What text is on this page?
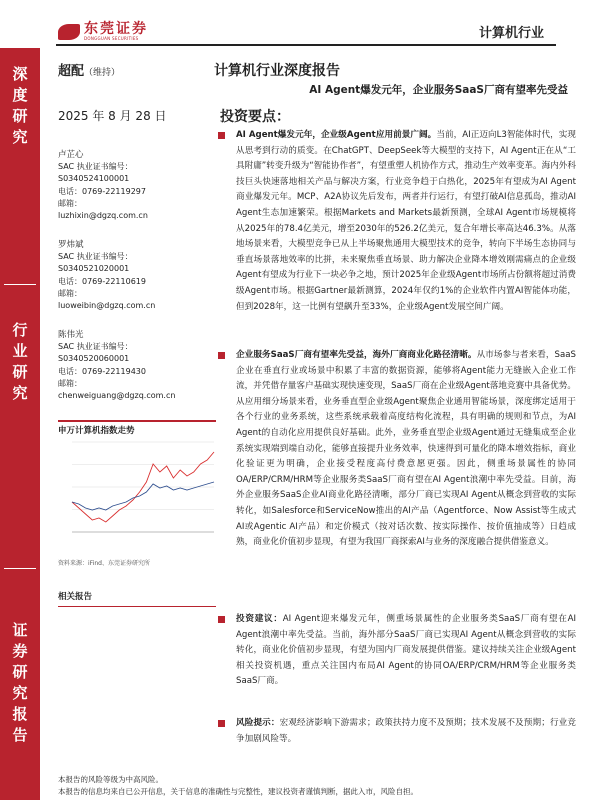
东莞证券
DONGGUAN SECURITIES	计算机行业
深
度
研
究
行
业
研
究
证
券
研
究
报
告
超配（维持）
2025 年 8 月 28 日
卢芷心
SAC 执业证书编号：
S0340524100001
电话：0769-22119297
邮箱：
luzhixin@dgzq.com.cn
罗炜斌
SAC 执业证书编号：
S0340521020001
电话：0769-22110619
邮箱：
luoweibin@dgzq.com.cn
陈伟光
SAC 执业证书编号：
S0340520060001
电话：0769-22119430
邮箱：
chenweiguang@dgzq.com.cn
申万计算机指数走势
资料来源：iFind、东莞证券研究所
相关报告
计算机行业深度报告
AI Agent爆发元年，企业服务SaaS厂商有望率先受益
投资要点：
AI Agent爆发元年，企业级Agent应用前景广阔。当前，AI正迈向L3智能体时代，实现从思考到行动的质变。在ChatGPT、DeepSeek等大模型的支持下，AI Agent正在从“工具附庸”转变升级为“智能协作者”，有望重塑人机协作方式，推动生产效率变革。海内外科技巨头快速落地相关产品与解决方案，行业竞争趋于白热化，2025年有望成为AI Agent商业爆发元年。MCP、A2A协议先后发布，两者并行运行，有望打破AI信息孤岛，推动AI Agent生态加速繁荣。根据Markets and Markets最新预测，全球AI Agent市场规模将从2025年的78.4亿美元，增至2030年的526.2亿美元，复合年增长率高达46.3%。从落地场景来看，大模型竞争已从上半场聚焦通用大模型技术的竞争，转向下半场生态协同与垂直场景落地效率的比拼，未来聚焦垂直场景、助力解决企业降本增效刚需痛点的企业级Agent有望成为行业下一块必争之地，预计2025年企业级Agent市场所占份额将超过消费级Agent市场。根据Gartner最新测算，2024年仅约1%的企业软件内置AI智能体功能，但到2028年，这一比例有望飙升至33%，企业级Agent发展空间广阔。
企业服务SaaS厂商有望率先受益，海外厂商商业化路径清晰。从市场参与者来看，SaaS企业在垂直行业或场景中积累了丰富的数据资源，能够将Agent能力无缝嵌入企业工作流，并凭借存量客户基础实现快速变现，SaaS厂商在企业级Agent落地竞赛中具备优势。从应用细分场景来看，业务垂直型企业级Agent聚焦企业通用智能场景，深度绑定适用于各个行业的业务系统，这些系统承载着高度结构化流程，具有明确的规则和节点，为AI Agent的自动化应用提供良好基础。此外，业务垂直型企业级Agent通过无缝集成至企业系统实现端到端自动化，能够直接提升业务效率，快速得到可量化的降本增效指标，商业化验证更为明确，企业接受程度高付费意愿更强。因此，侧重场景属性的协同OA/ERP/CRM/HRM等企业服务类SaaS厂商有望在AI Agent浪潮中率先受益。目前，海外企业服务SaaS企业AI商业化路径清晰，部分厂商已实现AI Agent从概念到营收的实际转化，如Salesforce和ServiceNow推出的AI产品（Agentforce、Now Assist等生成式AI或Agentic AI产品）和定价模式（按对话次数、按实际操作、按价值抽成等）日趋成熟，商业化价值初步显现，有望为我国厂商探索AI与业务的深度融合提供借鉴意义。
投资建议：AI Agent迎来爆发元年，侧重场景属性的企业服务类SaaS厂商有望在AI Agent浪潮中率先受益。当前，海外部分SaaS厂商已实现AI Agent从概念到营收的实际转化，商业化价值初步显现，有望为国内厂商发展提供借鉴。建议持续关注企业级Agent相关投资机遇，重点关注国内布局AI Agent的协同OA/ERP/CRM/HRM等企业服务类SaaS厂商。
风险提示：宏观经济影响下游需求；政策扶持力度不及预期；技术发展不及预期；行业竞争加剧风险等。
本报告的风险等级为中高风险。
本报告的信息均来自已公开信息，关于信息的准确性与完整性，建议投资者谨慎判断，据此入市，风险自担。
